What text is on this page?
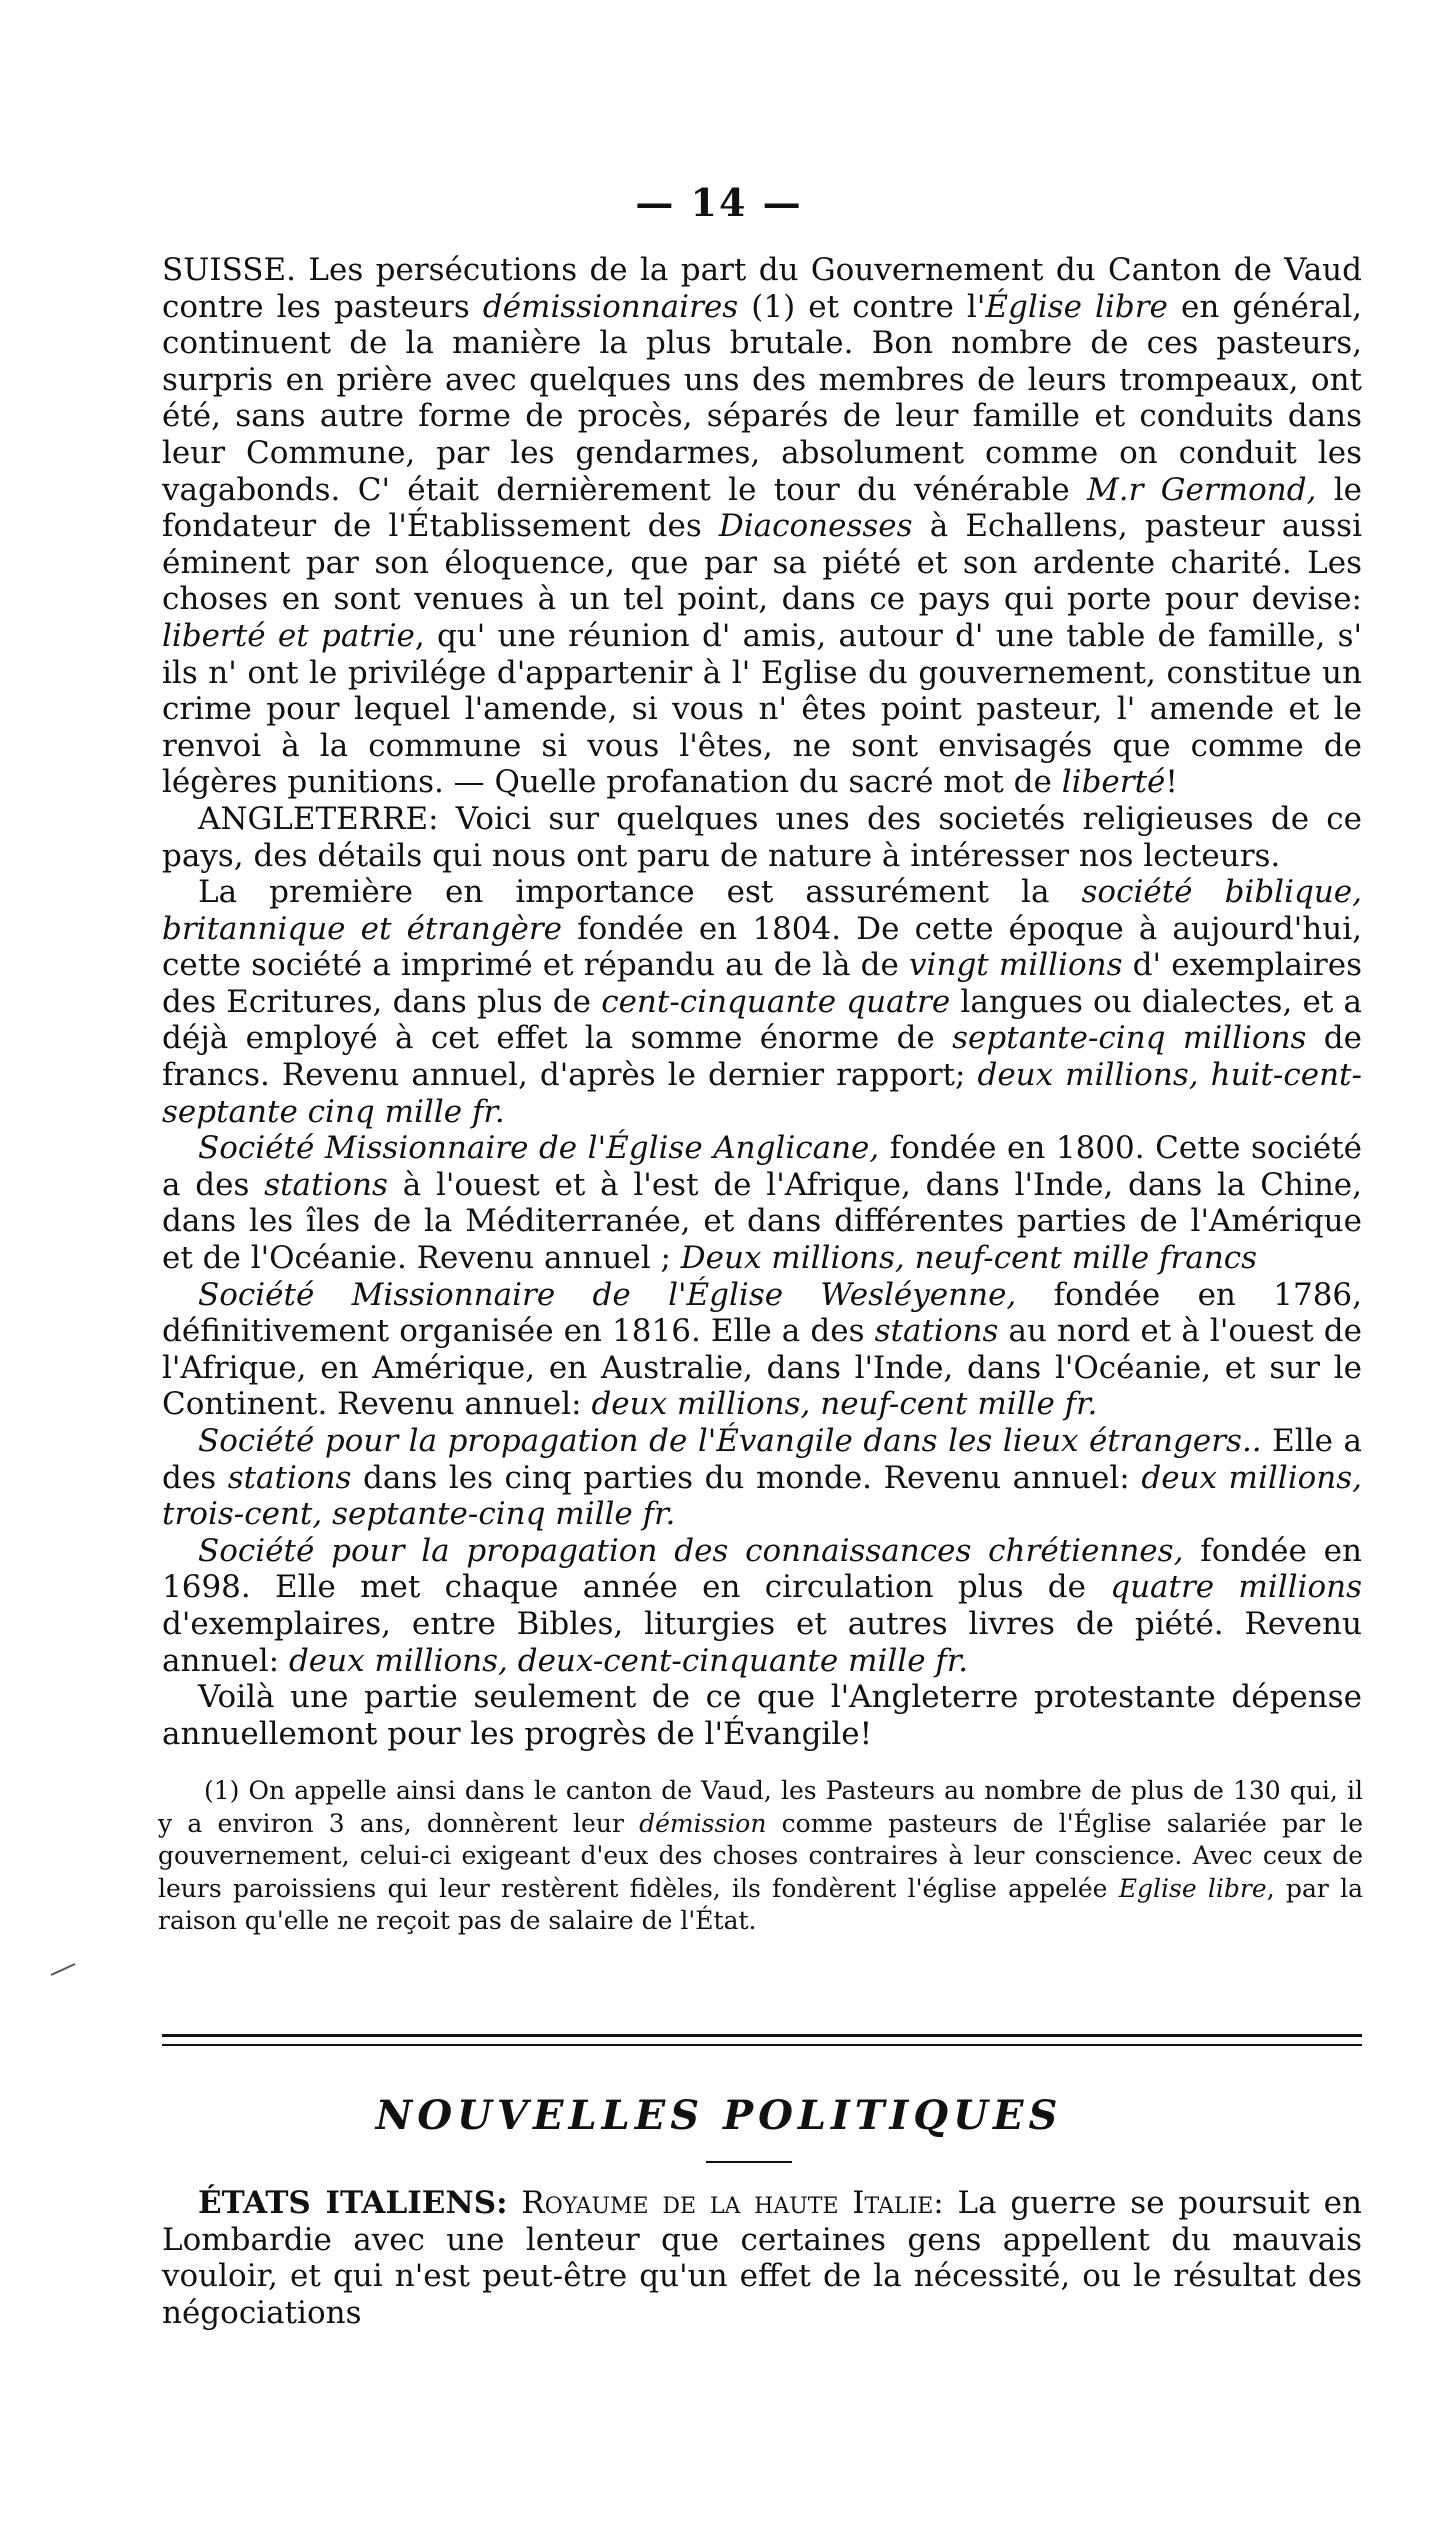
— 14 —

SUISSE. Les persécutions de la part du Gouvernement du Canton de Vaud contre les pasteurs démissionnaires (1) et contre l'Église libre en général, continuent de la manière la plus brutale. Bon nombre de ces pasteurs, surpris en prière avec quelques uns des membres de leurs trompeaux, ont été, sans autre forme de procès, séparés de leur famille et conduits dans leur Commune, par les gendarmes, absolument comme on conduit les vagabonds. C' était dernièrement le tour du vénérable M.r Germond, le fondateur de l'Établissement des Diaconesses à Echallens, pasteur aussi éminent par son éloquence, que par sa piété et son ardente charité. Les choses en sont venues à un tel point, dans ce pays qui porte pour devise: liberté et patrie, qu' une réunion d' amis, autour d' une table de famille, s' ils n' ont le privilége d'appartenir à l' Eglise du gouvernement, constitue un crime pour lequel l'amende, si vous n' êtes point pasteur, l' amende et le renvoi à la commune si vous l'êtes, ne sont envisagés que comme de légères punitions. — Quelle profanation du sacré mot de liberté!

ANGLETERRE: Voici sur quelques unes des societés religieuses de ce pays, des détails qui nous ont paru de nature à intéresser nos lecteurs.

La première en importance est assurément la société biblique, britannique et étrangère fondée en 1804. De cette époque à aujourd'hui, cette société a imprimé et répandu au de là de vingt millions d' exemplaires des Ecritures, dans plus de cent-cinquante quatre langues ou dialectes, et a déjà employé à cet effet la somme énorme de septante-cinq millions de francs. Revenu annuel, d'après le dernier rapport; deux millions, huit-cent-septante cinq mille fr.

Société Missionnaire de l'Église Anglicane, fondée en 1800. Cette société a des stations à l'ouest et à l'est de l'Afrique, dans l'Inde, dans la Chine, dans les îles de la Méditerranée, et dans différentes parties de l'Amérique et de l'Océanie. Revenu annuel ; Deux millions, neuf-cent mille francs

Société Missionnaire de l'Église Wesléyenne, fondée en 1786, définitivement organisée en 1816. Elle a des stations au nord et à l'ouest de l'Afrique, en Amérique, en Australie, dans l'Inde, dans l'Océanie, et sur le Continent. Revenu annuel: deux millions, neuf-cent mille fr.

Société pour la propagation de l'Évangile dans les lieux étrangers.. Elle a des stations dans les cinq parties du monde. Revenu annuel: deux millions, trois-cent, septante-cinq mille fr.

Société pour la propagation des connaissances chrétiennes, fondée en 1698. Elle met chaque année en circulation plus de quatre millions d'exemplaires, entre Bibles, liturgies et autres livres de piété. Revenu annuel: deux millions, deux-cent-cinquante mille fr.

Voilà une partie seulement de ce que l'Angleterre protestante dépense annuellemont pour les progrès de l'Évangile!

(1) On appelle ainsi dans le canton de Vaud, les Pasteurs au nombre de plus de 130 qui, il y a environ 3 ans, donnèrent leur démission comme pasteurs de l'Église salariée par le gouvernement, celui-ci exigeant d'eux des choses contraires à leur conscience. Avec ceux de leurs paroissiens qui leur restèrent fidèles, ils fondèrent l'église appelée Eglise libre, par la raison qu'elle ne reçoit pas de salaire de l'État.

NOUVELLES POLITIQUES

ÉTATS ITALIENS: Royaume de la haute Italie: La guerre se poursuit en Lombardie avec une lenteur que certaines gens appellent du mauvais vouloir, et qui n'est peut-être qu'un effet de la nécessité, ou le résultat des négociations
